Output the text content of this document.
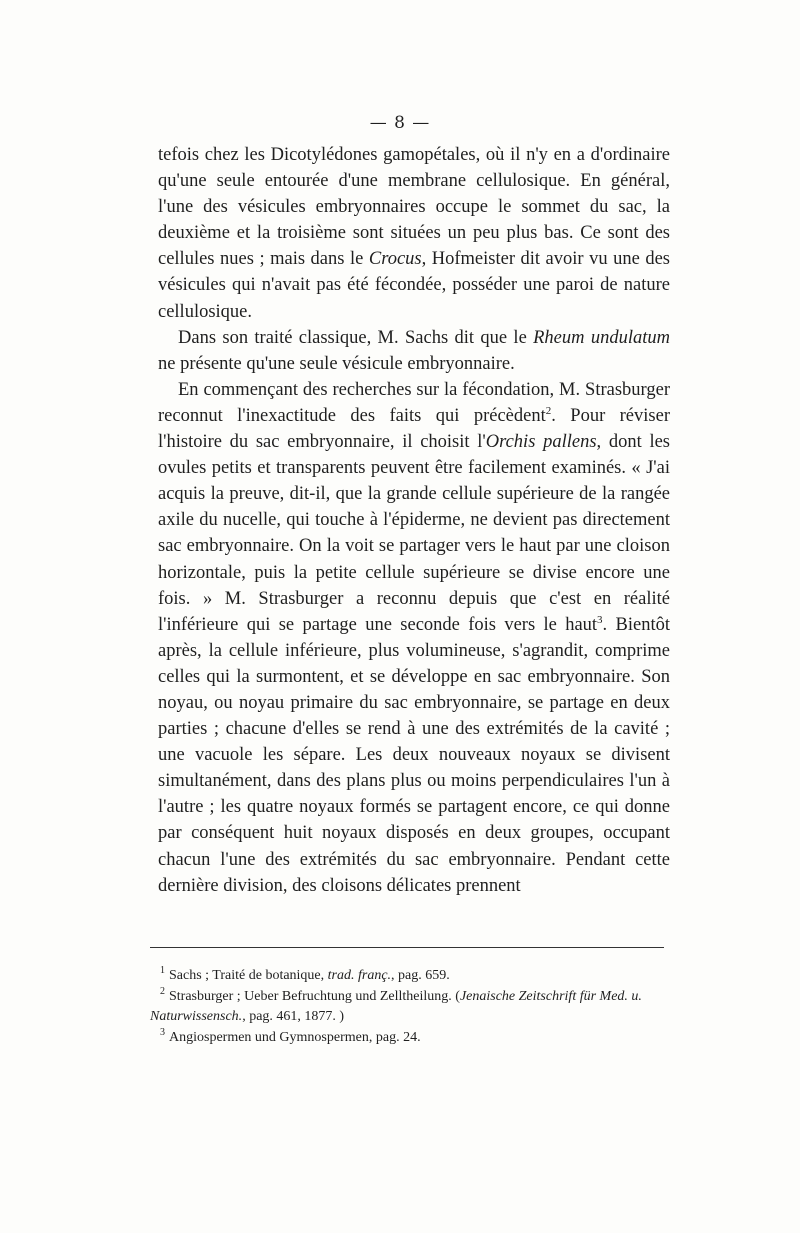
— 8 —

tefois chez les Dicotylédones gamopétales, où il n'y en a d'ordinaire qu'une seule entourée d'une membrane cellulosique. En général, l'une des vésicules embryonnaires occupe le sommet du sac, la deuxième et la troisième sont situées un peu plus bas. Ce sont des cellules nues ; mais dans le Crocus, Hofmeister dit avoir vu une des vésicules qui n'avait pas été fécondée, posséder une paroi de nature cellulosique.

Dans son traité classique, M. Sachs dit que le Rheum undulatum ne présente qu'une seule vésicule embryonnaire.

En commençant des recherches sur la fécondation, M. Strasburger reconnut l'inexactitude des faits qui précèdent$^2$. Pour réviser l'histoire du sac embryonnaire, il choisit l'Orchis pallens, dont les ovules petits et transparents peuvent être facilement examinés. « J'ai acquis la preuve, dit-il, que la grande cellule supérieure de la rangée axile du nucelle, qui touche à l'épiderme, ne devient pas directement sac embryonnaire. On la voit se partager vers le haut par une cloison horizontale, puis la petite cellule supérieure se divise encore une fois. » M. Strasburger a reconnu depuis que c'est en réalité l'inférieure qui se partage une seconde fois vers le haut$^3$. Bientôt après, la cellule inférieure, plus volumineuse, s'agrandit, comprime celles qui la surmontent, et se développe en sac embryonnaire. Son noyau, ou noyau primaire du sac embryonnaire, se partage en deux parties ; chacune d'elles se rend à une des extrémités de la cavité ; une vacuole les sépare. Les deux nouveaux noyaux se divisent simultanément, dans des plans plus ou moins perpendiculaires l'un à l'autre ; les quatre noyaux formés se partagent encore, ce qui donne par conséquent huit noyaux disposés en deux groupes, occupant chacun l'une des extrémités du sac embryonnaire. Pendant cette dernière division, des cloisons délicates prennent

$^1$ Sachs ; Traité de botanique, trad. franç., pag. 659.

$^2$ Strasburger ; Ueber Befruchtung und Zelltheilung. (Jenaische Zeitschrift für Med. u. Naturwissensch., pag. 461, 1877. )

$^3$ Angiospermen und Gymnospermen, pag. 24.
